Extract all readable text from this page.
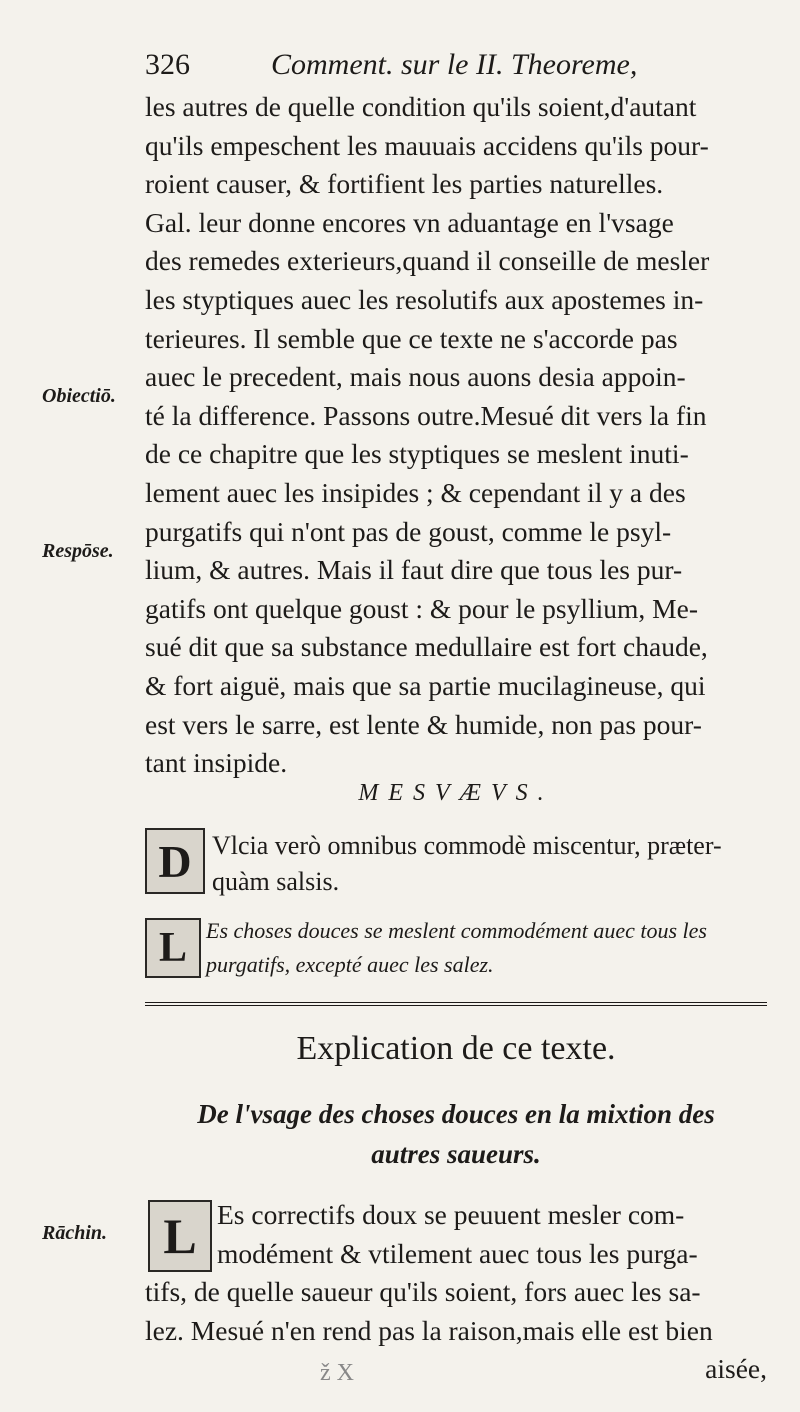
326	Comment. sur le II. Theoreme,
les autres de quelle condition qu'ils soient,d'autant
qu'ils empeschent les mauuais accidens qu'ils pour-
roient causer, & fortifient les parties naturelles.
Gal. leur donne encores vn aduantage en l'vsage
des remedes exterieurs,quand il conseille de mesler
les styptiques auec les resolutifs aux apostemes in-
terieures. Il semble que ce texte ne s'accorde pas
auec le precedent, mais nous auons desia appoin-
té la difference. Passons outre.Mesué dit vers la fin
de ce chapitre que les styptiques se meslent inuti-
lement auec les insipides ; & cependant il y a des
purgatifs qui n'ont pas de goust, comme le psyl-
lium, & autres. Mais il faut dire que tous les pur-
gatifs ont quelque goust : & pour le psyllium, Me-
sué dit que sa substance medullaire est fort chaude,
& fort aiguë, mais que sa partie mucilagineuse, qui
est vers le sarre, est lente & humide, non pas pour-
tant insipide.
Obiectiō.
Respōse.
MESVÆVS.
D Vlcia verò omnibus commodè miscentur, præter-
quàm salsis.
L Es choses douces se meslent commodément auec tous les
purgatifs, excepté auec les salez.
Explication de ce texte.
De l'vsage des choses douces en la mixtion des
autres saueurs.
Rāchin.	L Es correctifs doux se peuuent mesler com-
modément & vtilement auec tous les purga-
tifs, de quelle saueur qu'ils soient, fors auec les sa-
lez. Mesué n'en rend pas la raison,mais elle est bien
aisée,
ž X
